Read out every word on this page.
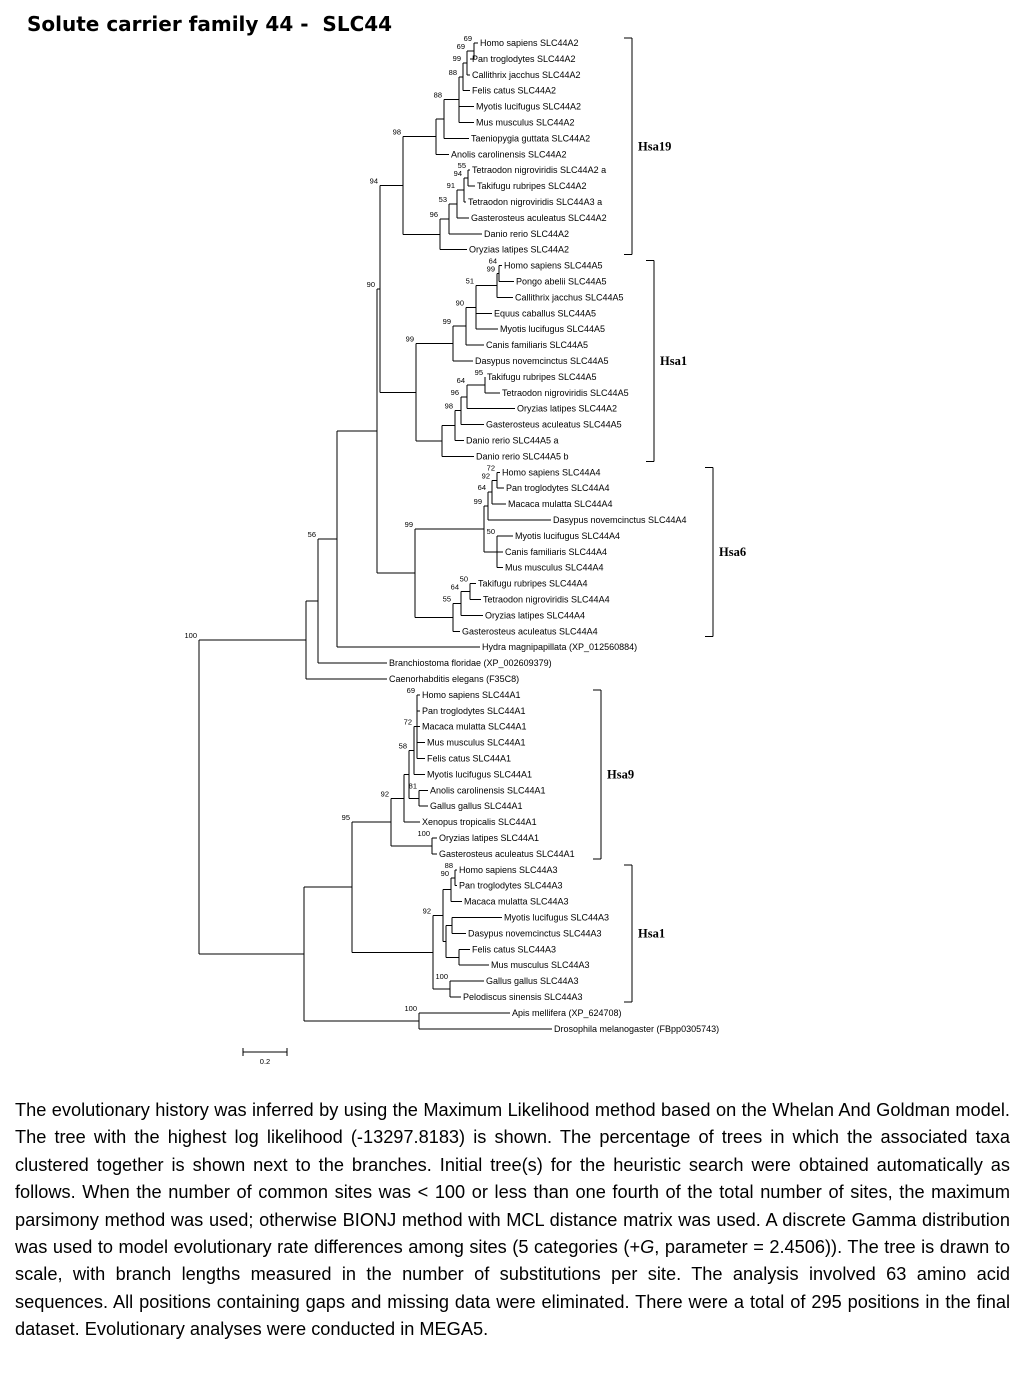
Solute carrier family 44 -  SLC44
69
69
99
88
88
55
94
91
53
96
98
64
99
51
90
99
95
64
96
98
99
94
72
92
64
50
99
50
64
55
99
90
56
69
72
81
58
100
92
88
90
100
92
95
100
100
Homo sapiens SLC44A2
Pan troglodytes SLC44A2
Callithrix jacchus SLC44A2
Felis catus SLC44A2
Myotis lucifugus SLC44A2
Mus musculus SLC44A2
Taeniopygia guttata SLC44A2
Anolis carolinensis SLC44A2
Tetraodon nigroviridis SLC44A2 a
Takifugu rubripes SLC44A2
Tetraodon nigroviridis SLC44A3 a
Gasterosteus aculeatus SLC44A2
Danio rerio SLC44A2
Oryzias latipes SLC44A2
Homo sapiens SLC44A5
Pongo abelii SLC44A5
Callithrix jacchus SLC44A5
Equus caballus SLC44A5
Myotis lucifugus SLC44A5
Canis familiaris SLC44A5
Dasypus novemcinctus SLC44A5
Takifugu rubripes SLC44A5
Tetraodon nigroviridis SLC44A5
Oryzias latipes SLC44A2
Gasterosteus aculeatus SLC44A5
Danio rerio SLC44A5 a
Danio rerio SLC44A5 b
Homo sapiens SLC44A4
Pan troglodytes SLC44A4
Macaca mulatta SLC44A4
Dasypus novemcinctus SLC44A4
Myotis lucifugus SLC44A4
Canis familiaris SLC44A4
Mus musculus SLC44A4
Takifugu rubripes SLC44A4
Tetraodon nigroviridis SLC44A4
Oryzias latipes SLC44A4
Gasterosteus aculeatus SLC44A4
Hydra magnipapillata (XP_012560884)
Branchiostoma floridae (XP_002609379)
Caenorhabditis elegans (F35C8)
Homo sapiens SLC44A1
Pan troglodytes SLC44A1
Macaca mulatta SLC44A1
Mus musculus SLC44A1
Felis catus SLC44A1
Myotis lucifugus SLC44A1
Anolis carolinensis SLC44A1
Gallus gallus SLC44A1
Xenopus tropicalis SLC44A1
Oryzias latipes SLC44A1
Gasterosteus aculeatus SLC44A1
Homo sapiens SLC44A3
Pan troglodytes SLC44A3
Macaca mulatta SLC44A3
Myotis lucifugus SLC44A3
Dasypus novemcinctus SLC44A3
Felis catus SLC44A3
Mus musculus SLC44A3
Gallus gallus SLC44A3
Pelodiscus sinensis SLC44A3
Apis mellifera (XP_624708)
Drosophila melanogaster (FBpp0305743)
Hsa19
Hsa1
Hsa6
Hsa9
Hsa1
0.2

The evolutionary history was inferred by using the Maximum Likelihood method based on the Whelan And Goldman model. The tree with the highest log likelihood (-13297.8183) is shown. The percentage of trees in which the associated taxa clustered together is shown next to the branches. Initial tree(s) for the heuristic search were obtained automatically as follows. When the number of common sites was < 100 or less than one fourth of the total number of sites, the maximum parsimony method was used; otherwise BIONJ method with MCL distance matrix was used. A discrete Gamma distribution was used to model evolutionary rate differences among sites (5 categories (+G, parameter = 2.4506)). The tree is drawn to scale, with branch lengths measured in the number of substitutions per site. The analysis involved 63 amino acid sequences. All positions containing gaps and missing data were eliminated. There were a total of 295 positions in the final dataset. Evolutionary analyses were conducted in MEGA5.
